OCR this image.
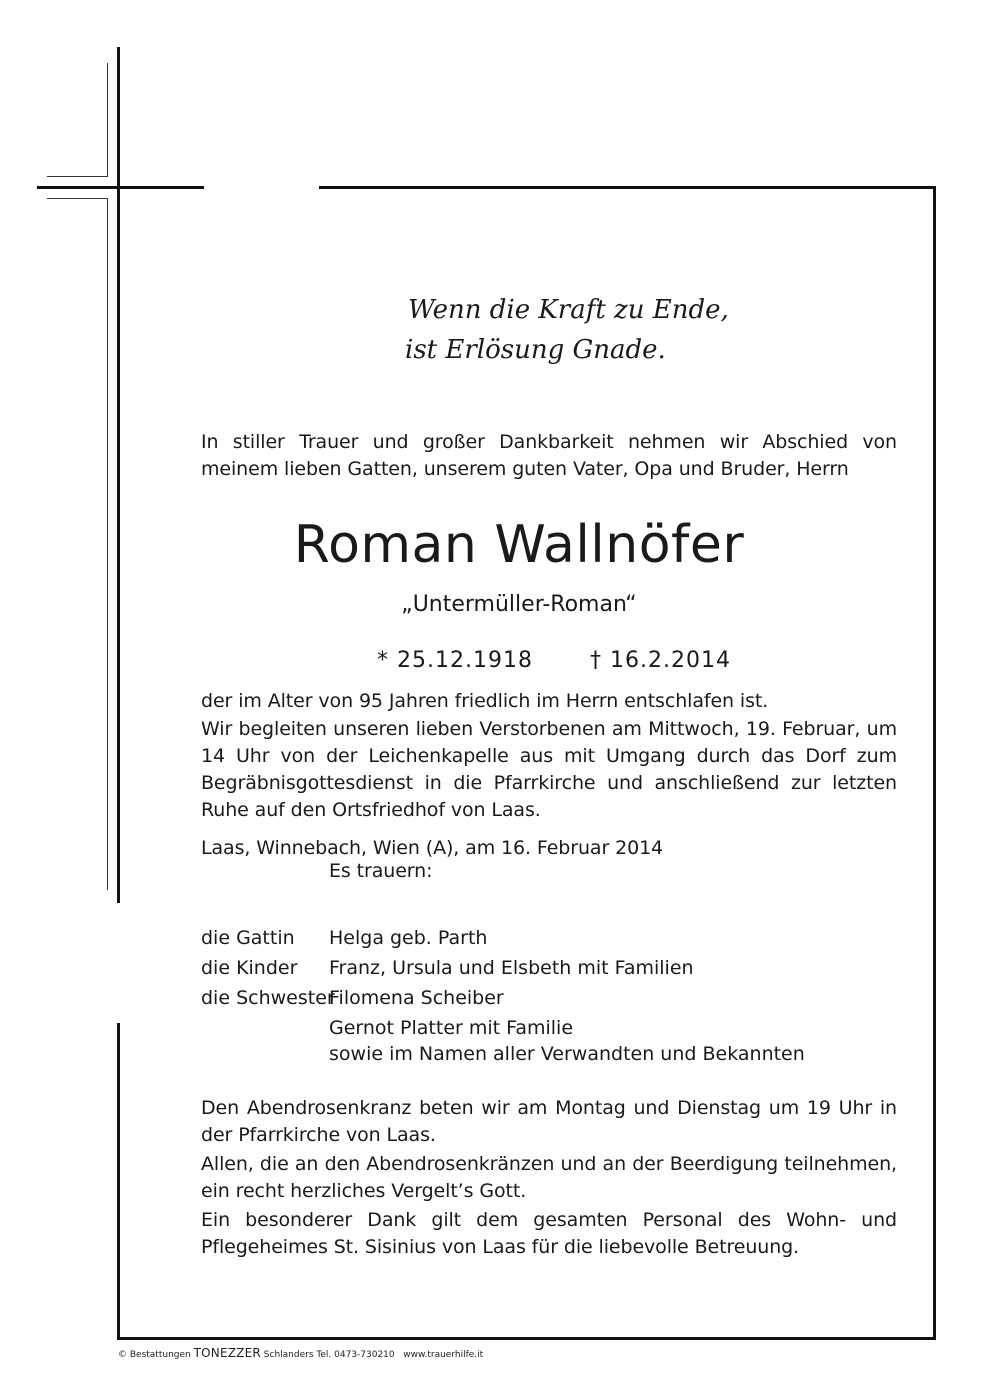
Wenn die Kraft zu Ende,
ist Erlösung Gnade.
In stiller Trauer und großer Dankbarkeit nehmen wir Abschied von meinem lieben Gatten, unserem guten Vater, Opa und Bruder, Herrn
Roman Wallnöfer
„Untermüller-Roman“
* 25.12.1918	† 16.2.2014
der im Alter von 95 Jahren friedlich im Herrn entschlafen ist.
Wir begleiten unseren lieben Verstorbenen am Mittwoch, 19. Februar, um 14 Uhr von der Leichenkapelle aus mit Umgang durch das Dorf zum Begräbnisgottesdienst in die Pfarrkirche und anschließend zur letzten Ruhe auf den Ortsfriedhof von Laas.
Laas, Winnebach, Wien (A), am 16. Februar 2014
Es trauern:
die Gattin Helga geb. Parth
die Kinder Franz, Ursula und Elsbeth mit Familien
die SchwesterFilomena Scheiber
Gernot Platter mit Familie
sowie im Namen aller Verwandten und Bekannten
Den Abendrosenkranz beten wir am Montag und Dienstag um 19 Uhr in der Pfarrkirche von Laas.
Allen, die an den Abendrosenkränzen und an der Beerdigung teilnehmen, ein recht herzliches Vergelt’s Gott.
Ein besonderer Dank gilt dem gesamten Personal des Wohn- und Pflegeheimes St. Sisinius von Laas für die liebevolle Betreuung.
© Bestattungen TONEZZER Schlanders Tel. 0473-730210 www.trauerhilfe.it
